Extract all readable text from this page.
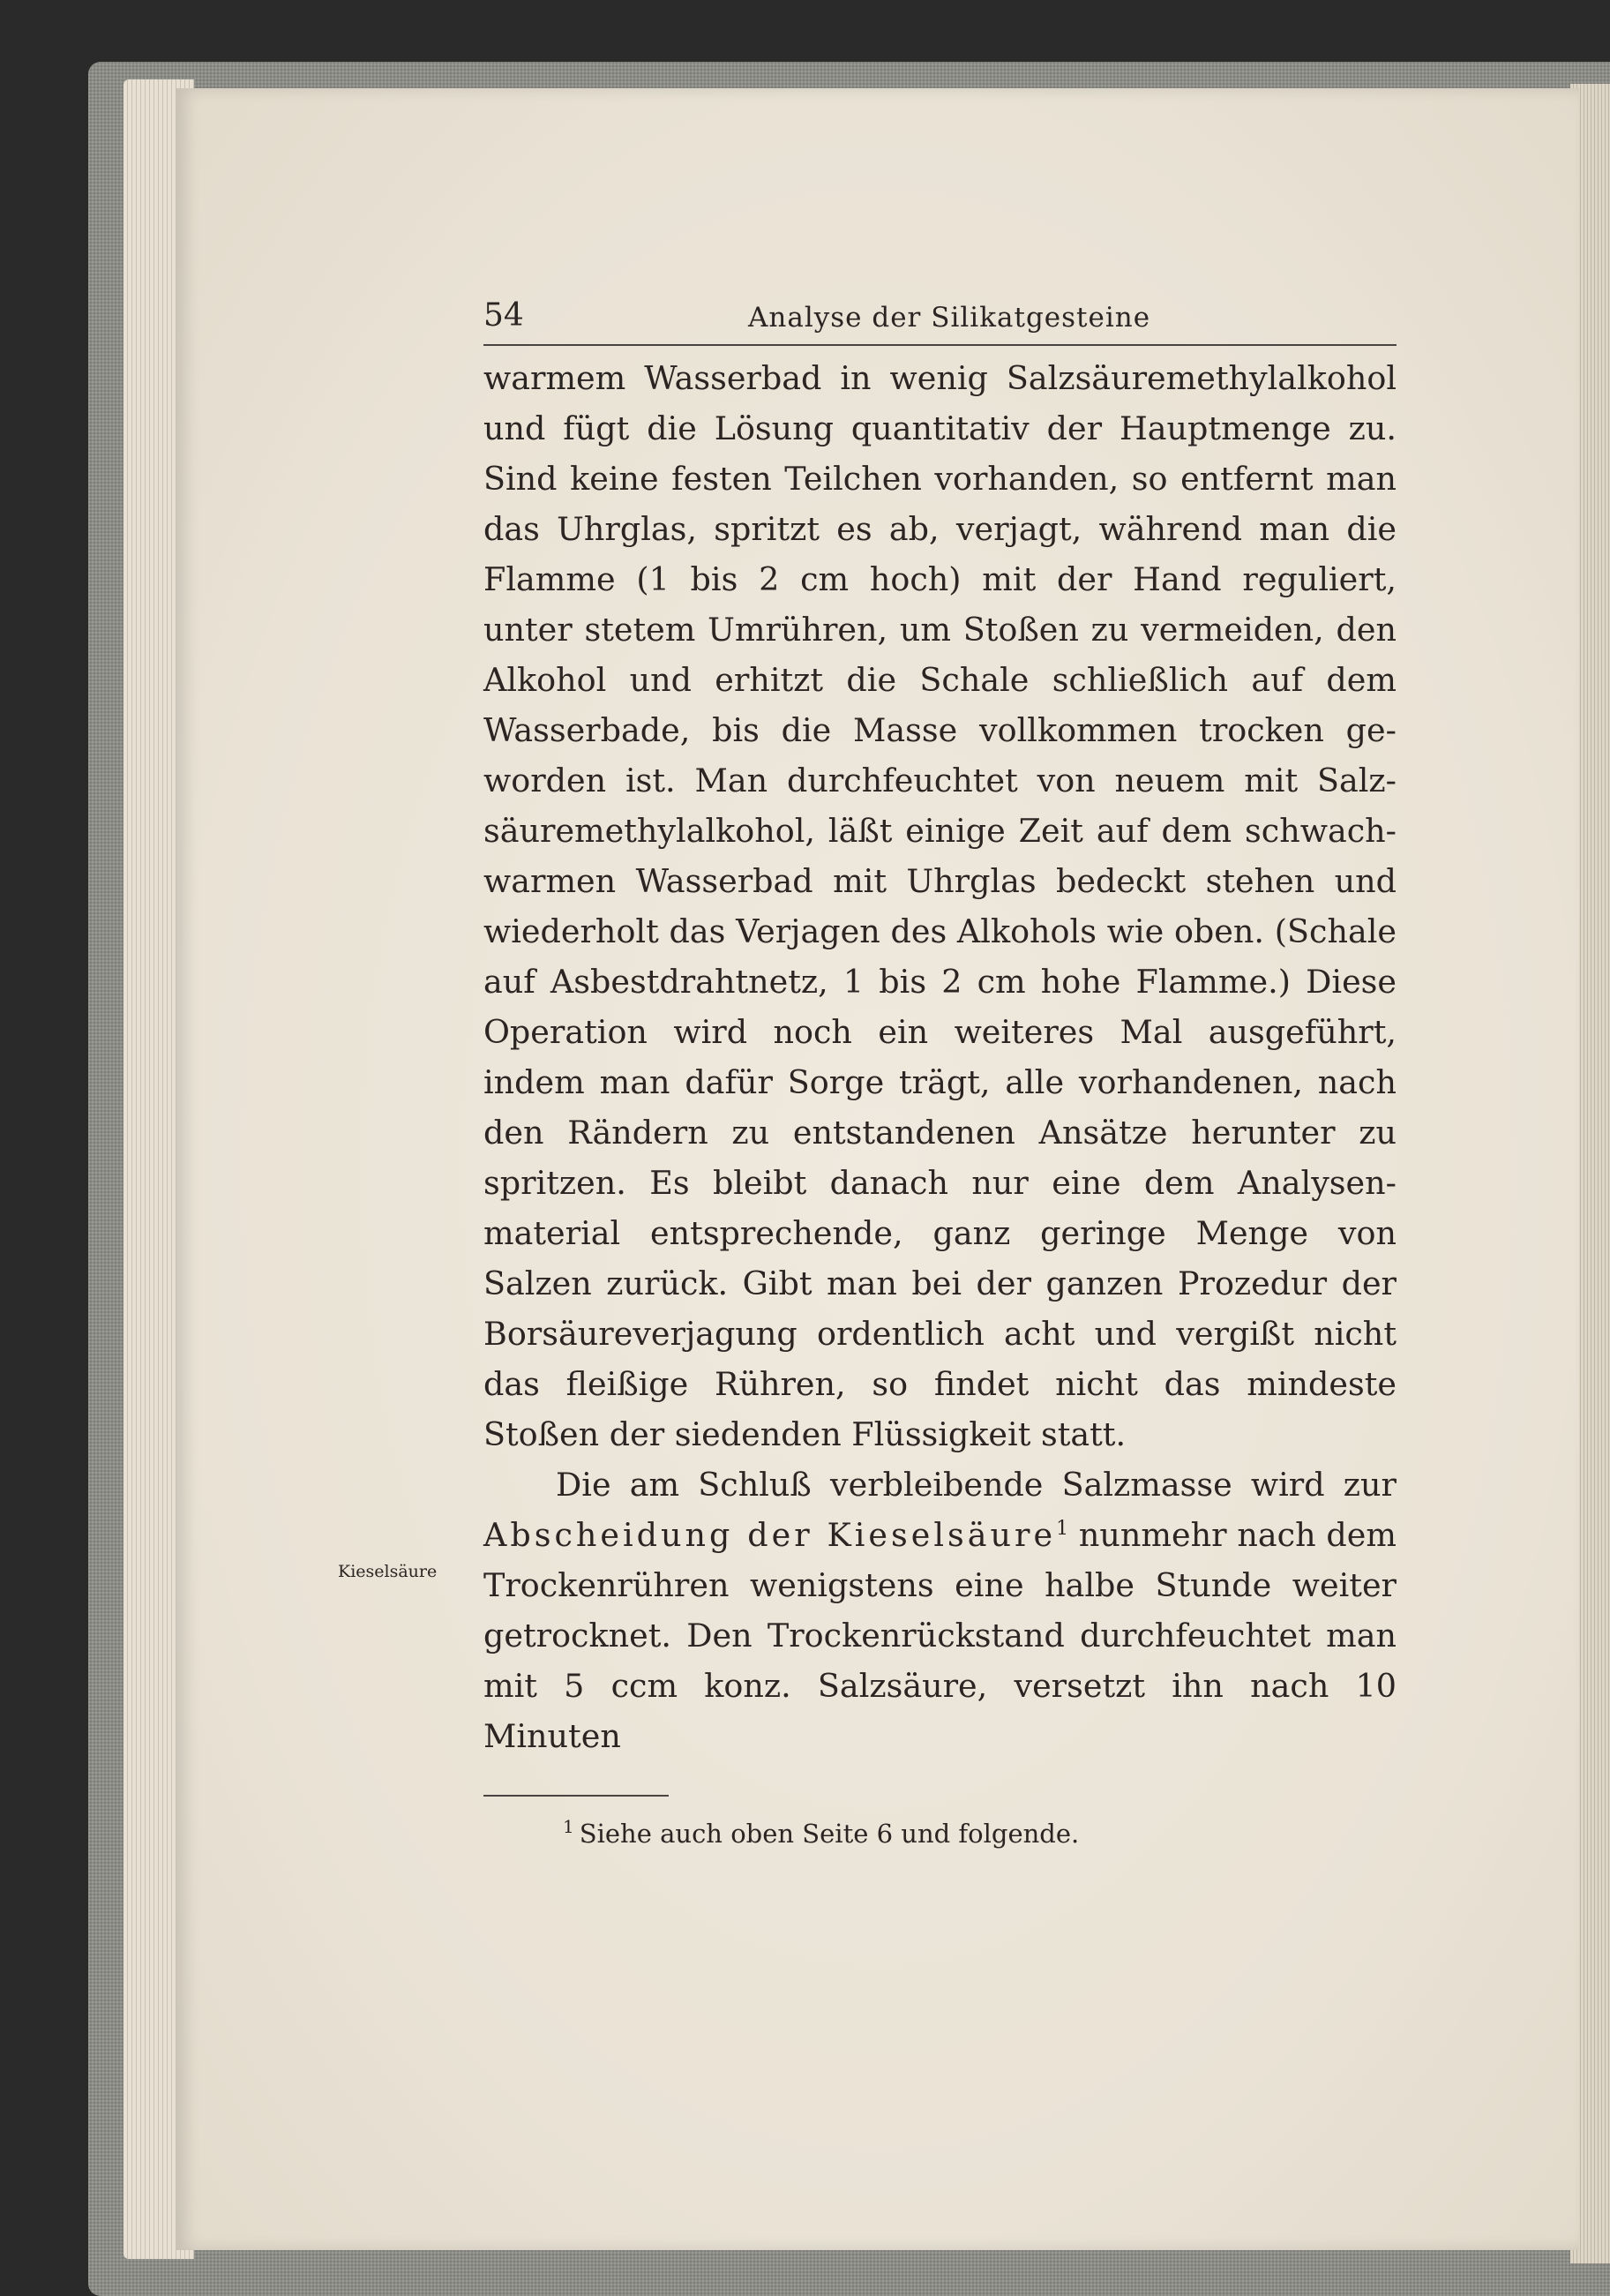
54	Analyse der Silikatgesteine
Kieselsäure

warmem Wasserbad in wenig Salzsäuremethylalkohol und fügt die Lösung quantitativ der Hauptmenge zu. Sind keine festen Teilchen vorhanden, so entfernt man das Uhrglas, spritzt es ab, verjagt, während man die Flamme (1 bis 2 cm hoch) mit der Hand reguliert, unter stetem Umrühren, um Stoßen zu vermeiden, den Alkohol und erhitzt die Schale schließlich auf dem Wasserbade, bis die Masse vollkommen trocken geworden ist. Man durchfeuchtet von neuem mit Salzsäuremethylalkohol, läßt einige Zeit auf dem schwachwarmen Wasserbad mit Uhrglas bedeckt stehen und wiederholt das Verjagen des Alkohols wie oben. (Schale auf Asbestdrahtnetz, 1 bis 2 cm hohe Flamme.) Diese Operation wird noch ein weiteres Mal ausgeführt, indem man dafür Sorge trägt, alle vorhandenen, nach den Rändern zu entstandenen Ansätze herunter zu spritzen. Es bleibt danach nur eine dem Analysenmaterial entsprechende, ganz geringe Menge von Salzen zurück. Gibt man bei der ganzen Prozedur der Borsäureverjagung ordentlich acht und vergißt nicht das fleißige Rühren, so findet nicht das mindeste Stoßen der siedenden Flüssigkeit statt.

Die am Schluß verbleibende Salzmasse wird zur Abscheidung der Kieselsäure$^1$ nunmehr nach dem Trockenrühren wenigstens eine halbe Stunde weiter getrocknet. Den Trockenrückstand durchfeuchtet man mit 5 ccm konz. Salzsäure, versetzt ihn nach 10 Minuten

$^1$ Siehe auch oben Seite 6 und folgende.
